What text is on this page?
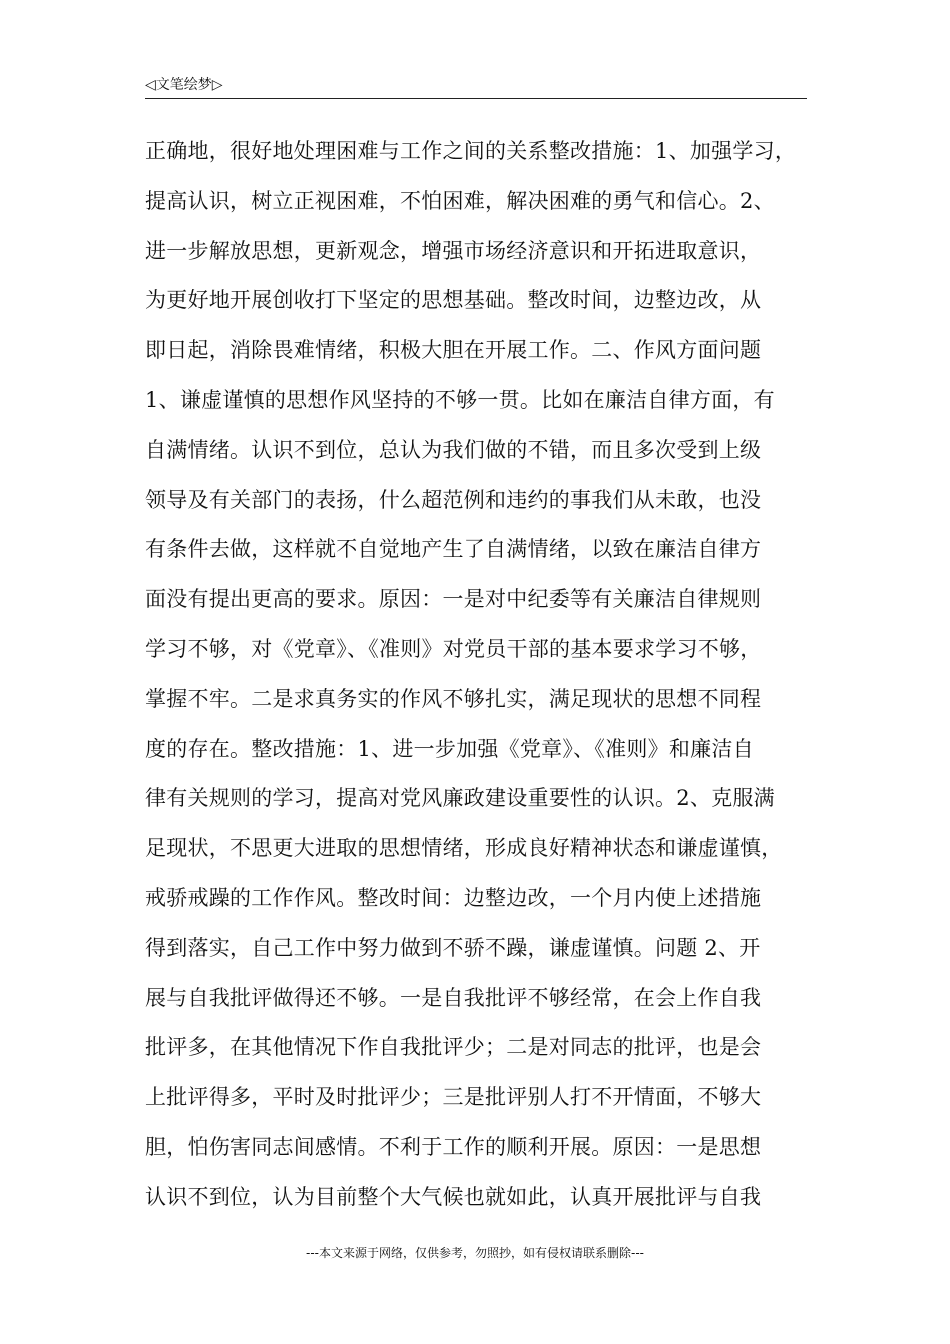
◁文笔绘梦▷
正确地，很好地处理困难与工作之间的关系整改措施：1、加强学习，
提高认识，树立正视困难，不怕困难，解决困难的勇气和信心。2、
进一步解放思想，更新观念，增强市场经济意识和开拓进取意识，
为更好地开展创收打下坚定的思想基础。整改时间，边整边改，从
即日起，消除畏难情绪，积极大胆在开展工作。二、作风方面问题
1、谦虚谨慎的思想作风坚持的不够一贯。比如在廉洁自律方面，有
自满情绪。认识不到位，总认为我们做的不错，而且多次受到上级
领导及有关部门的表扬，什么超范例和违约的事我们从未敢，也没
有条件去做，这样就不自觉地产生了自满情绪，以致在廉洁自律方
面没有提出更高的要求。原因：一是对中纪委等有关廉洁自律规则
学习不够，对《党章》、《准则》对党员干部的基本要求学习不够，
掌握不牢。二是求真务实的作风不够扎实，满足现状的思想不同程
度的存在。整改措施：1、进一步加强《党章》、《准则》和廉洁自
律有关规则的学习，提高对党风廉政建设重要性的认识。2、克服满
足现状，不思更大进取的思想情绪，形成良好精神状态和谦虚谨慎，
戒骄戒躁的工作作风。整改时间：边整边改，一个月内使上述措施
得到落实，自己工作中努力做到不骄不躁，谦虚谨慎。问题 2、开
展与自我批评做得还不够。一是自我批评不够经常，在会上作自我
批评多，在其他情况下作自我批评少；二是对同志的批评，也是会
上批评得多，平时及时批评少；三是批评别人打不开情面，不够大
胆，怕伤害同志间感情。不利于工作的顺利开展。原因：一是思想
认识不到位，认为目前整个大气候也就如此，认真开展批评与自我
---本文来源于网络，仅供参考，勿照抄，如有侵权请联系删除---
